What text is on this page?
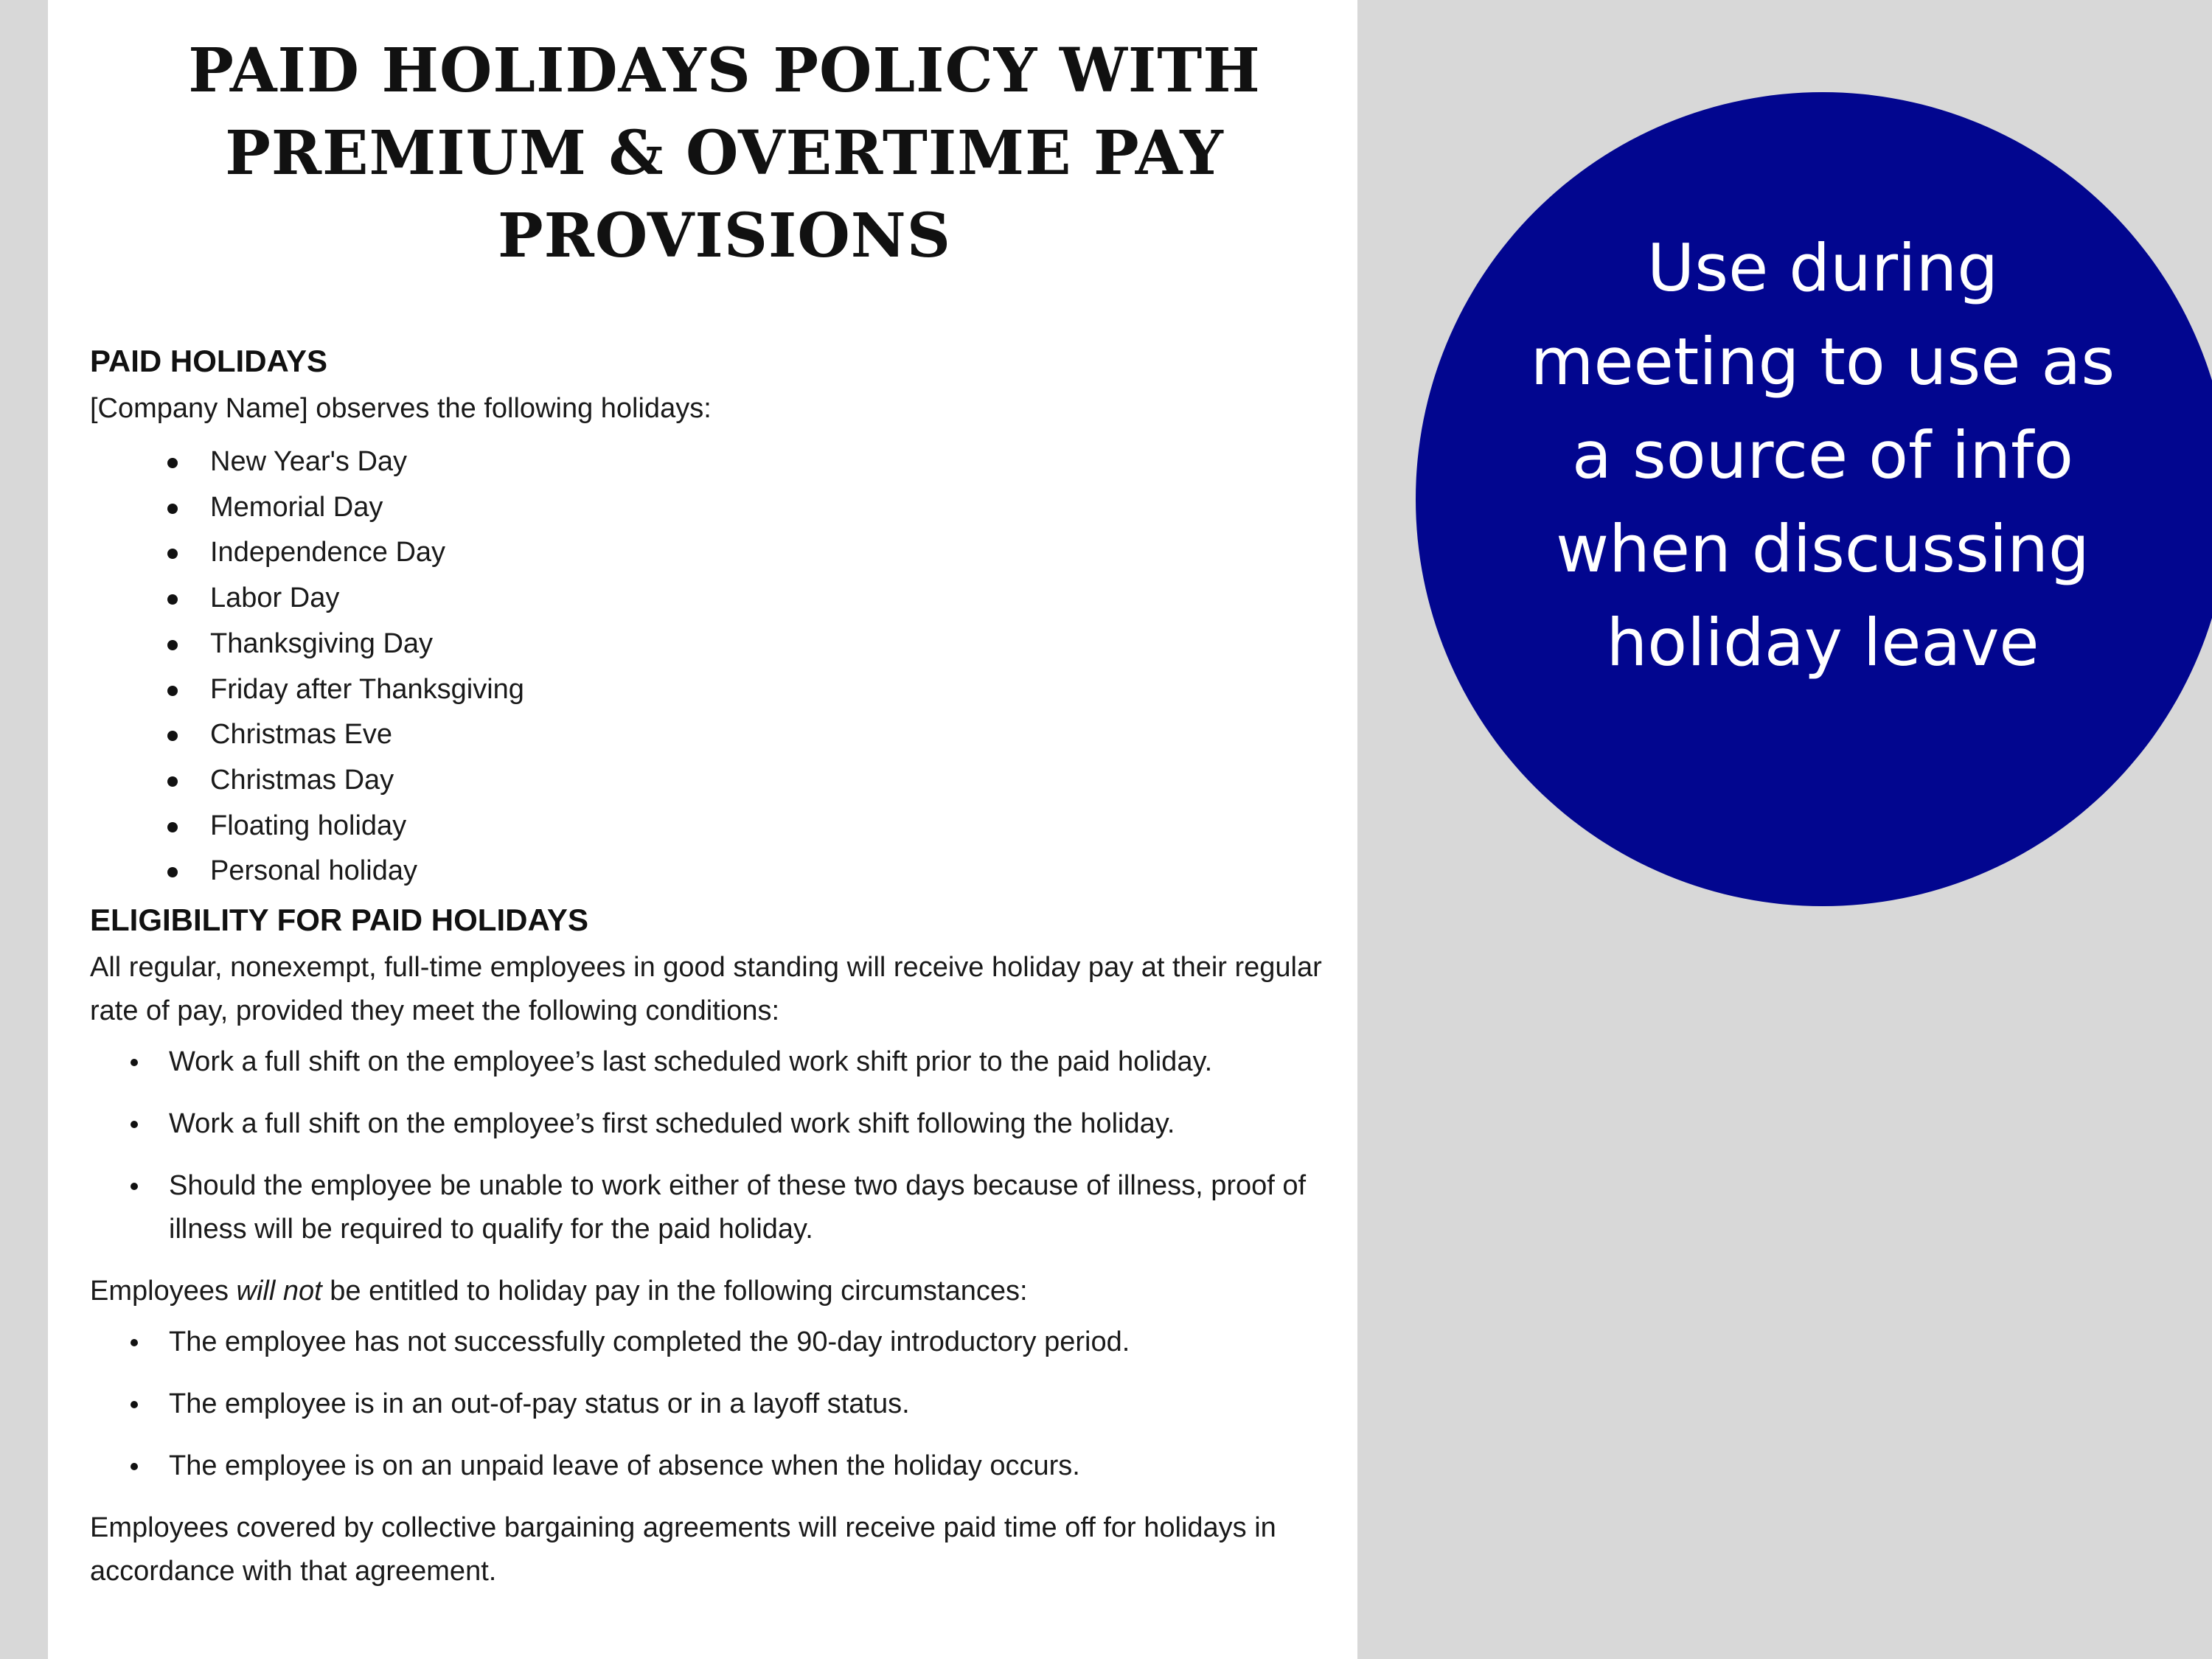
PAID HOLIDAYS POLICY WITH
PREMIUM & OVERTIME PAY
PROVISIONS
PAID HOLIDAYS

[Company Name] observes the following holidays:

New Year's Day
Memorial Day
Independence Day
Labor Day
Thanksgiving Day
Friday after Thanksgiving
Christmas Eve
Christmas Day
Floating holiday
Personal holiday
ELIGIBILITY FOR PAID HOLIDAYS

All regular, nonexempt, full-time employees in good standing will receive holiday pay at their regular rate of pay, provided they meet the following conditions:

Work a full shift on the employee’s last scheduled work shift prior to the paid holiday.
Work a full shift on the employee’s first scheduled work shift following the holiday.
Should the employee be unable to work either of these two days because of illness, proof of illness will be required to qualify for the paid holiday.

Employees will not be entitled to holiday pay in the following circumstances:

The employee has not successfully completed the 90-day introductory period.
The employee is in an out-of-pay status or in a layoff status.
The employee is on an unpaid leave of absence when the holiday occurs.

Employees covered by collective bargaining agreements will receive paid time off for holidays in accordance with that agreement.

Use during meeting to use as a source of info when discussing holiday leave
